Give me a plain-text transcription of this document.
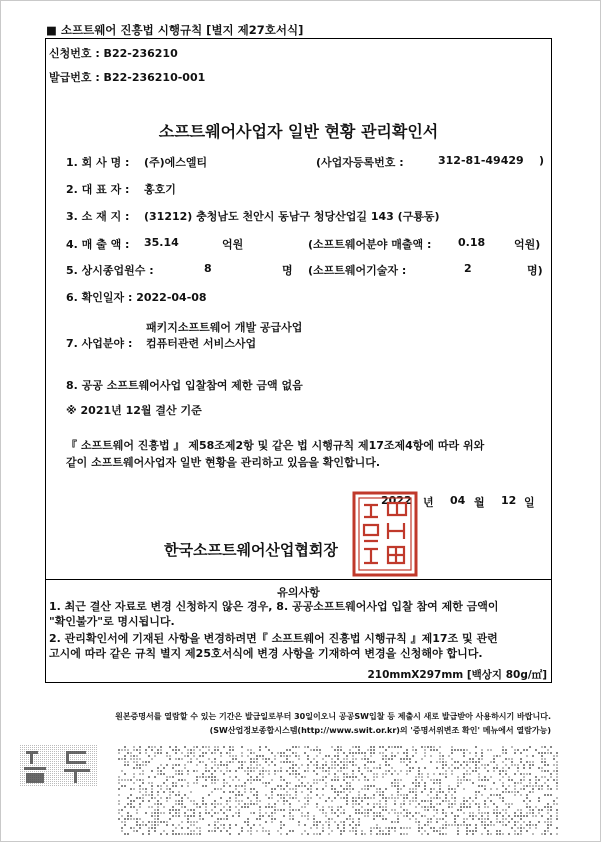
■ 소프트웨어 진흥법 시행규칙 [별지 제27호서식]
신청번호 : B22-236210
발급번호 : B22-236210-001
소프트웨어사업자 일반 현황 관리확인서
1. 회 사 명 : (주)에스엘티	(사업자등록번호 :	312-81-49429 )
2. 대 표 자 : 홍호기
3. 소 재 지 : (31212) 충청남도 천안시 동남구 청당산업길 143 (구룡동)
4. 매 출 액 : 35.14	억원	(소프트웨어분야 매출액 : 0.18	억원)
5. 상시종업원수 :	8	명 (소프트웨어기술자 :	2	명)
6. 확인일자 : 2022-04-08
패키지소프트웨어 개발 공급사업
7. 사업분야 : 컴퓨터관련 서비스사업
8. 공공 소프트웨어사업 입찰참여 제한 금액 없음
※ 2021년 12월 결산 기준
『 소프트웨어 진흥법 』 제58조제2항 및 같은 법 시행규칙 제17조제4항에 따라 위와
같이 소프트웨어사업자 일반 현황을 관리하고 있음을 확인합니다.
2022 년 04 월 12 일
한국소프트웨어산업협회장
유의사항
1. 최근 결산 자료로 변경 신청하지 않은 경우, 8. 공공소프트웨어사업 입찰 참여 제한 금액이
"확인불가"로 명시됩니다.
2. 관리확인서에 기재된 사항을 변경하려면『 소프트웨어 진흥법 시행규칙 』제17조 및 관련
고시에 따라 같은 규칙 별지 제25호서식에 변경 사항을 기재하여 변경을 신청해야 합니다.
210mmX297mm [백상지 80g/㎡]
원본증명서를 열람할 수 있는 기간은 발급일로부터 30일이오니 공공SW입찰 등 제출시 새로 발급받아 사용하시기 바랍니다.
(SW산업정보종합시스템(http://www.swit.or.kr)의 '증명서위변조 확인' 메뉴에서 열람가능)
